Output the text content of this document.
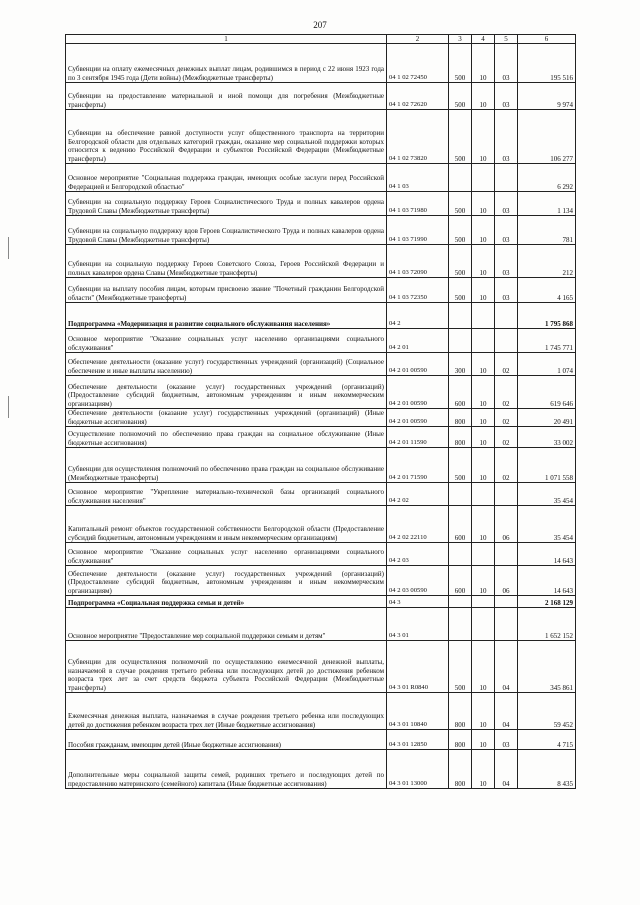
207
1	2	3	4	5	6
Субвенции на оплату ежемесячных денежных выплат лицам, родившимся в период с 22 июня 1923 года по 3 сентября 1945 года (Дети войны) (Межбюджетные трансферты)	04 1 02 72450	500	10	03	195 516
Субвенции на предоставление материальной и иной помощи для погребения (Межбюджетные трансферты)	04 1 02 72620	500	10	03	9 974
Субвенции на обеспечение равной доступности услуг общественного транспорта на территории Белгородской области для отдельных категорий граждан, оказание мер социальной поддержки которых относится к ведению Российской Федерации и субъектов Российской Федерации (Межбюджетные трансферты)	04 1 02 73820	500	10	03	106 277
Основное мероприятие "Социальная поддержка граждан, имеющих особые заслуги перед Российской Федерацией и Белгородской областью"	04 1 03				6 292
Субвенции на социальную поддержку Героев Социалистического Труда и полных кавалеров ордена Трудовой Славы (Межбюджетные трансферты)	04 1 03 71980	500	10	03	1 134
Субвенции на социальную поддержку вдов Героев Социалистического Труда и полных кавалеров ордена Трудовой Славы (Межбюджетные трансферты)	04 1 03 71990	500	10	03	781
Субвенции на социальную поддержку Героев Советского Союза, Героев Российской Федерации и полных кавалеров ордена Славы (Межбюджетные трансферты)	04 1 03 72090	500	10	03	212
Субвенции на выплату пособия лицам, которым присвоено звание "Почетный гражданин Белгородской области" (Межбюджетные трансферты)	04 1 03 72350	500	10	03	4 165
Подпрограмма «Модернизация и развитие социального обслуживания населения»	04 2				1 795 868
Основное мероприятие "Оказание социальных услуг населению организациями социального обслуживания"	04 2 01				1 745 771
Обеспечение деятельности (оказание услуг) государственных учреждений (организаций) (Социальное обеспечение и иные выплаты населению)	04 2 01 00590	300	10	02	1 074
Обеспечение деятельности (оказание услуг) государственных учреждений (организаций) (Предоставление субсидий бюджетным, автономным учреждениям и иным некоммерческим организациям)	04 2 01 00590	600	10	02	619 646
Обеспечение деятельности (оказание услуг) государственных учреждений (организаций) (Иные бюджетные ассигнования)	04 2 01 00590	800	10	02	20 491
Осуществление полномочий по обеспечению права граждан на социальное обслуживание (Иные бюджетные ассигнования)	04 2 01 11590	800	10	02	33 002
Субвенции для осуществления полномочий по обеспечению права граждан на социальное обслуживание (Межбюджетные трансферты)	04 2 01 71590	500	10	02	1 071 558
Основное мероприятие "Укрепление материально-технической базы организаций социального обслуживания населения"	04 2 02				35 454
Капитальный ремонт объектов государственной собственности Белгородской области (Предоставление субсидий бюджетным, автономным учреждениям и иным некоммерческим организациям)	04 2 02 22110	600	10	06	35 454
Основное мероприятие "Оказание социальных услуг населению организациями социального обслуживания"	04 2 03				14 643
Обеспечение деятельности (оказание услуг) государственных учреждений (организаций) (Предоставление субсидий бюджетным, автономным учреждениям и иным некоммерческим организациям)	04 2 03 00590	600	10	06	14 643
Подпрограмма «Социальная поддержка семьи и детей»	04 3				2 168 129
Основное мероприятие "Предоставление мер социальной поддержки семьям и детям"	04 3 01				1 652 152
Субвенции для осуществления полномочий по осуществлению ежемесячной денежной выплаты, назначаемой в случае рождения третьего ребенка или последующих детей до достижения ребенком возраста трех лет за счет средств бюджета субъекта Российской Федерации (Межбюджетные трансферты)	04 3 01 R0840	500	10	04	345 861
Ежемесячная денежная выплата, назначаемая в случае рождения третьего ребенка или последующих детей до достижения ребенком возраста трех лет (Иные бюджетные ассигнования)	04 3 01 10840	800	10	04	59 452
Пособия гражданам, имеющим детей (Иные бюджетные ассигнования)	04 3 01 12850	800	10	03	4 715
Дополнительные меры социальной защиты семей, родивших третьего и последующих детей по предоставлению материнского (семейного) капитала (Иные бюджетные ассигнования)	04 3 01 13000	800	10	04	8 435
